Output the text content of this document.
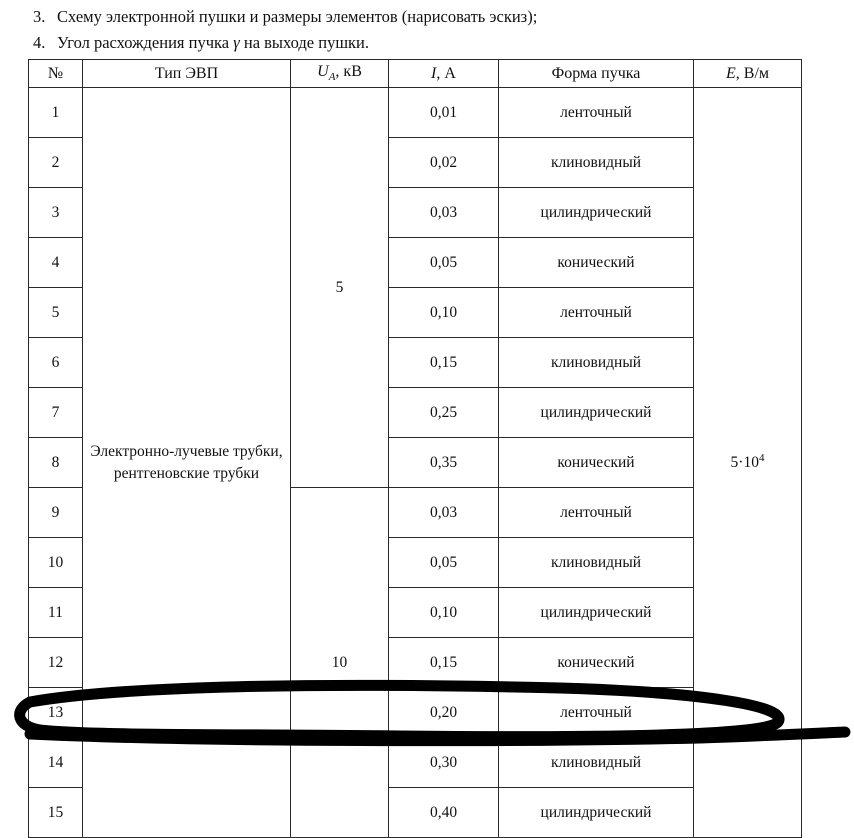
3. Схему электронной пушки и размеры элементов (нарисовать эскиз);
4. Угол расхождения пучка γ на выходе пушки.
№	Тип ЭВП	$U_A$, кВ	I, А	Форма пучка	E, В/м
1	Электронно-лучевые трубки, рентгеновские трубки	5	0,01	ленточный	$5\cdot 10^4$
2			0,02	клиновидный	
3			0,03	цилиндрический	
4			0,05	конический	
5			0,10	ленточный	
6			0,15	клиновидный	
7			0,25	цилиндрический	
8			0,35	конический	
9		10	0,03	ленточный	
10			0,05	клиновидный	
11			0,10	цилиндрический	
12			0,15	конический	
13			0,20	ленточный	
14			0,30	клиновидный	
15			0,40	цилиндрический	
